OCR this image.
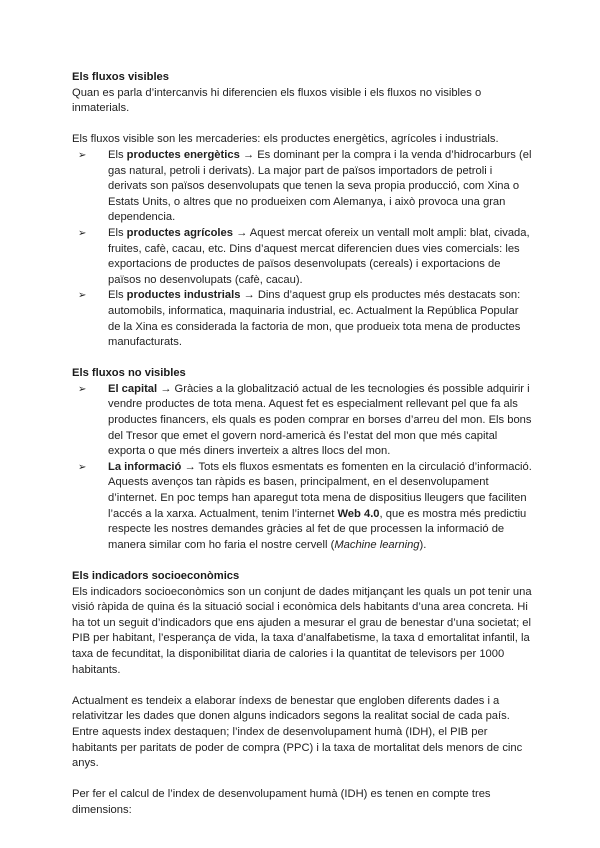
Els fluxos visibles

Quan es parla d’intercanvis hi diferencien els fluxos visible i els fluxos no visibles o inmaterials.

Els fluxos visible son les mercaderies: els productes energètics, agrícoles i industrials.

➢	Els productes energètics → Es dominant per la compra i la venda d’hidrocarburs (el gas natural, petroli i derivats). La major part de països importadors de petroli i derivats son països desenvolupats que tenen la seva propia producció, com Xina o Estats Units, o altres que no produeixen com Alemanya, i això provoca una gran dependencia.
➢	Els productes agrícoles → Aquest mercat ofereix un ventall molt ampli: blat, civada, fruites, cafè, cacau, etc. Dins d’aquest mercat diferencien dues vies comercials: les exportacions de productes de països desenvolupats (cereals) i exportacions de països no desenvolupats (cafè, cacau).
➢	Els productes industrials → Dins d’aquest grup els productes més destacats son: automobils, informatica, maquinaria industrial, ec. Actualment la República Popular de la Xina es considerada la factoria de mon, que produeix tota mena de productes manufacturats.
Els fluxos no visibles
➢	El capital → Gràcies a la globalització actual de les tecnologies és possible adquirir i vendre productes de tota mena. Aquest fet es especialment rellevant pel que fa als productes financers, els quals es poden comprar en borses d’arreu del mon. Els bons del Tresor que emet el govern nord-americà és l’estat del mon que més capital exporta o que més diners inverteix a altres llocs del mon.
➢	La informació → Tots els fluxos esmentats es fomenten en la circulació d’informació. Aquests avenços tan ràpids es basen, principalment, en el desenvolupament d’internet. En poc temps han aparegut tota mena de dispositius lleugers que faciliten l’accés a la xarxa. Actualment, tenim l’internet Web 4.0, que es mostra més predictiu respecte les nostres demandes gràcies al fet de que processen la informació de manera similar com ho faria el nostre cervell (Machine learning).
Els indicadors socioeconòmics

Els indicadors socioeconòmics son un conjunt de dades mitjançant les quals un pot tenir una visió ràpida de quina és la situació social i econòmica dels habitants d’una area concreta. Hi ha tot un seguit d’indicadors que ens ajuden a mesurar el grau de benestar d’una societat; el PIB per habitant, l’esperança de vida, la taxa d’analfabetisme, la taxa d emortalitat infantil, la taxa de fecunditat, la disponibilitat diaria de calories i la quantitat de televisors per 1000 habitants.

Actualment es tendeix a elaborar índexs de benestar que engloben diferents dades i a relativitzar les dades que donen alguns indicadors segons la realitat social de cada país. Entre aquests index destaquen; l’index de desenvolupament humà (IDH), el PIB per habitants per paritats de poder de compra (PPC) i la taxa de mortalitat dels menors de cinc anys.

Per fer el calcul de l’index de desenvolupament humà (IDH) es tenen en compte tres dimensions:
